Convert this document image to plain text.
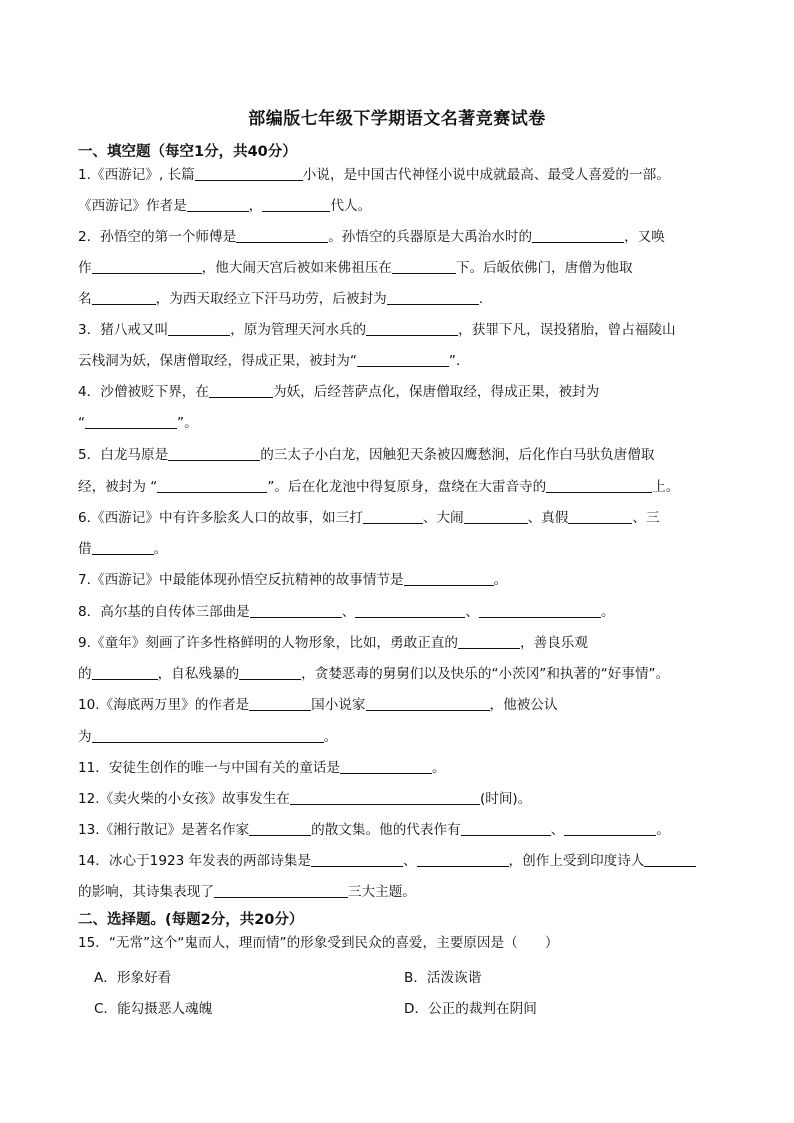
部编版七年级下学期语文名著竞赛试卷
一、填空题（每空1分，共40分）
1.《西游记》, 长篇	小说，是中国古代神怪小说中成就最高、最受人喜爱的一部。
《西游记》作者是	，	代人。
2．孙悟空的第一个师傅是	。孙悟空的兵器原是大禹治水时的	，又唤
作	，他大闹天宫后被如来佛祖压在	下。后皈依佛门，唐僧为他取
名	，为西天取经立下汗马功劳，后被封为	.
3．猪八戒又叫	，原为管理天河水兵的	，获罪下凡，误投猪胎，曾占福陵山
云栈洞为妖，保唐僧取经，得成正果，被封为“	”.
4．沙僧被贬下界，在	为妖，后经菩萨点化，保唐僧取经，得成正果，被封为
“	”。
5．白龙马原是	的三太子小白龙，因触犯天条被囚鹰愁涧，后化作白马驮负唐僧取
经，被封为 “	”。后在化龙池中得复原身，盘绕在大雷音寺的	上。
6.《西游记》中有许多脍炙人口的故事，如三打	、大闹	、真假	、三
借	。
7.《西游记》中最能体现孙悟空反抗精神的故事情节是	。
8．高尔基的自传体三部曲是	、	、	。
9.《童年》刻画了许多性格鲜明的人物形象，比如，勇敢正直的	，善良乐观
的	，自私残暴的	，贪婪恶毒的舅舅们以及快乐的“小茨冈”和执著的“好事情”。
10.《海底两万里》的作者是	国小说家	，他被公认
为	。
11．安徒生创作的唯一与中国有关的童话是	。
12.《卖火柴的小女孩》故事发生在	(时间)。
13.《湘行散记》是著名作家	的散文集。他的代表作有	、	。
14．冰心于1923 年发表的两部诗集是	、	，创作上受到印度诗人
的影响，其诗集表现了	三大主题。
二、选择题。(每题2分，共20分）
15．“无常”这个“鬼而人，理而情”的形象受到民众的喜爱，主要原因是（　　）
A．形象好看	B．活泼诙谐
C．能勾摄恶人魂魄	D．公正的裁判在阴间
